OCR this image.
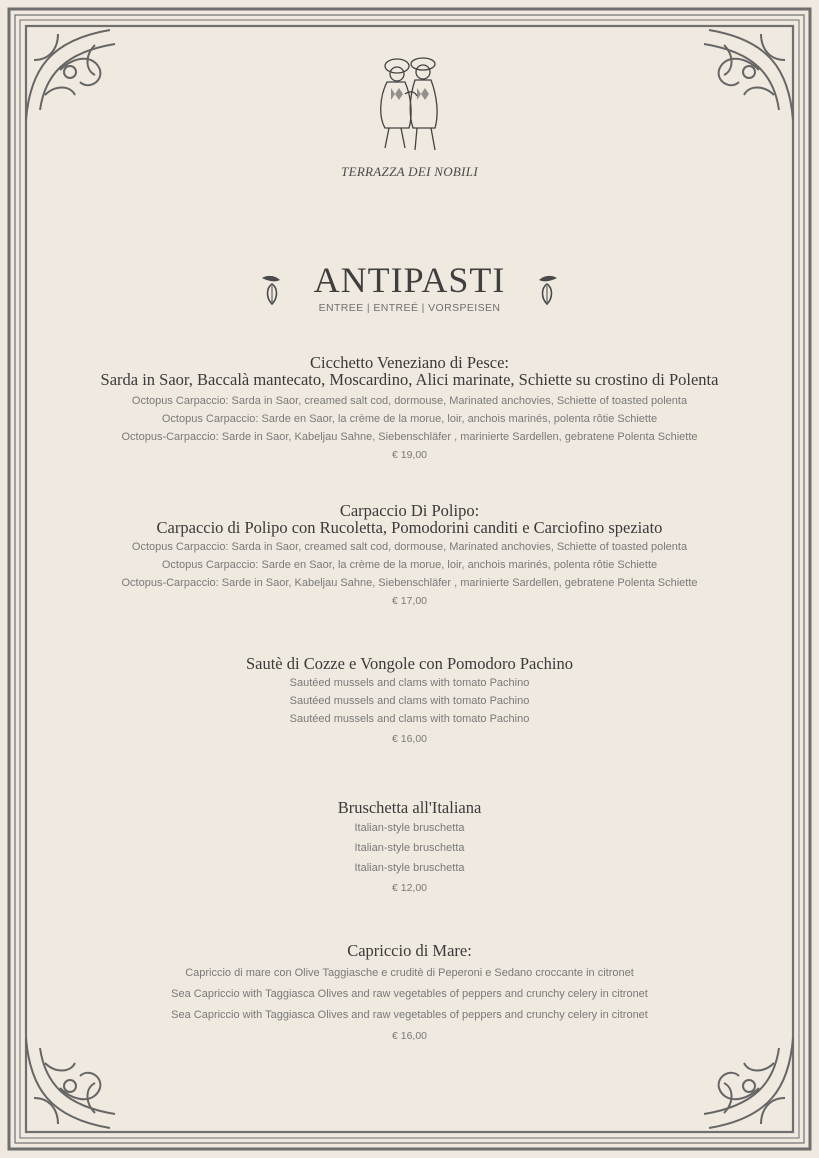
TERRAZZA DEI NOBILI
ANTIPASTI
ENTREE | ENTREÉ | VORSPEISEN
Cicchetto Veneziano di Pesce:
Sarda in Saor, Baccalà mantecato, Moscardino, Alici marinate, Schiette su crostino di Polenta
Octopus Carpaccio: Sarda in Saor, creamed salt cod, dormouse, Marinated anchovies, Schiette of toasted polenta
Octopus Carpaccio: Sarde en Saor, la crème de la morue, loir, anchois marinés, polenta rôtie Schiette
Octopus-Carpaccio: Sarde in Saor, Kabeljau Sahne, Siebenschläfer , marinierte Sardellen, gebratene Polenta Schiette
€ 19,00
Carpaccio Di Polipo:
Carpaccio di Polipo con Rucoletta, Pomodorini canditi e Carciofino speziato
Octopus Carpaccio: Sarda in Saor, creamed salt cod, dormouse, Marinated anchovies, Schiette of toasted polenta
Octopus Carpaccio: Sarde en Saor, la crème de la morue, loir, anchois marinés, polenta rôtie Schiette
Octopus-Carpaccio: Sarde in Saor, Kabeljau Sahne, Siebenschläfer , marinierte Sardellen, gebratene Polenta Schiette
€ 17,00
Sautè di Cozze e Vongole con Pomodoro Pachino
Sautéed mussels and clams with tomato Pachino
Sautéed mussels and clams with tomato Pachino
Sautéed mussels and clams with tomato Pachino
€ 16,00
Bruschetta all'Italiana
Italian-style bruschetta
Italian-style bruschetta
Italian-style bruschetta
€ 12,00
Capriccio di Mare:
Capriccio di mare con Olive Taggiasche e cruditè di Peperoni e Sedano croccante in citronet
Sea Capriccio with Taggiasca Olives and raw vegetables of peppers and crunchy celery in citronet
Sea Capriccio with Taggiasca Olives and raw vegetables of peppers and crunchy celery in citronet
€ 16,00
